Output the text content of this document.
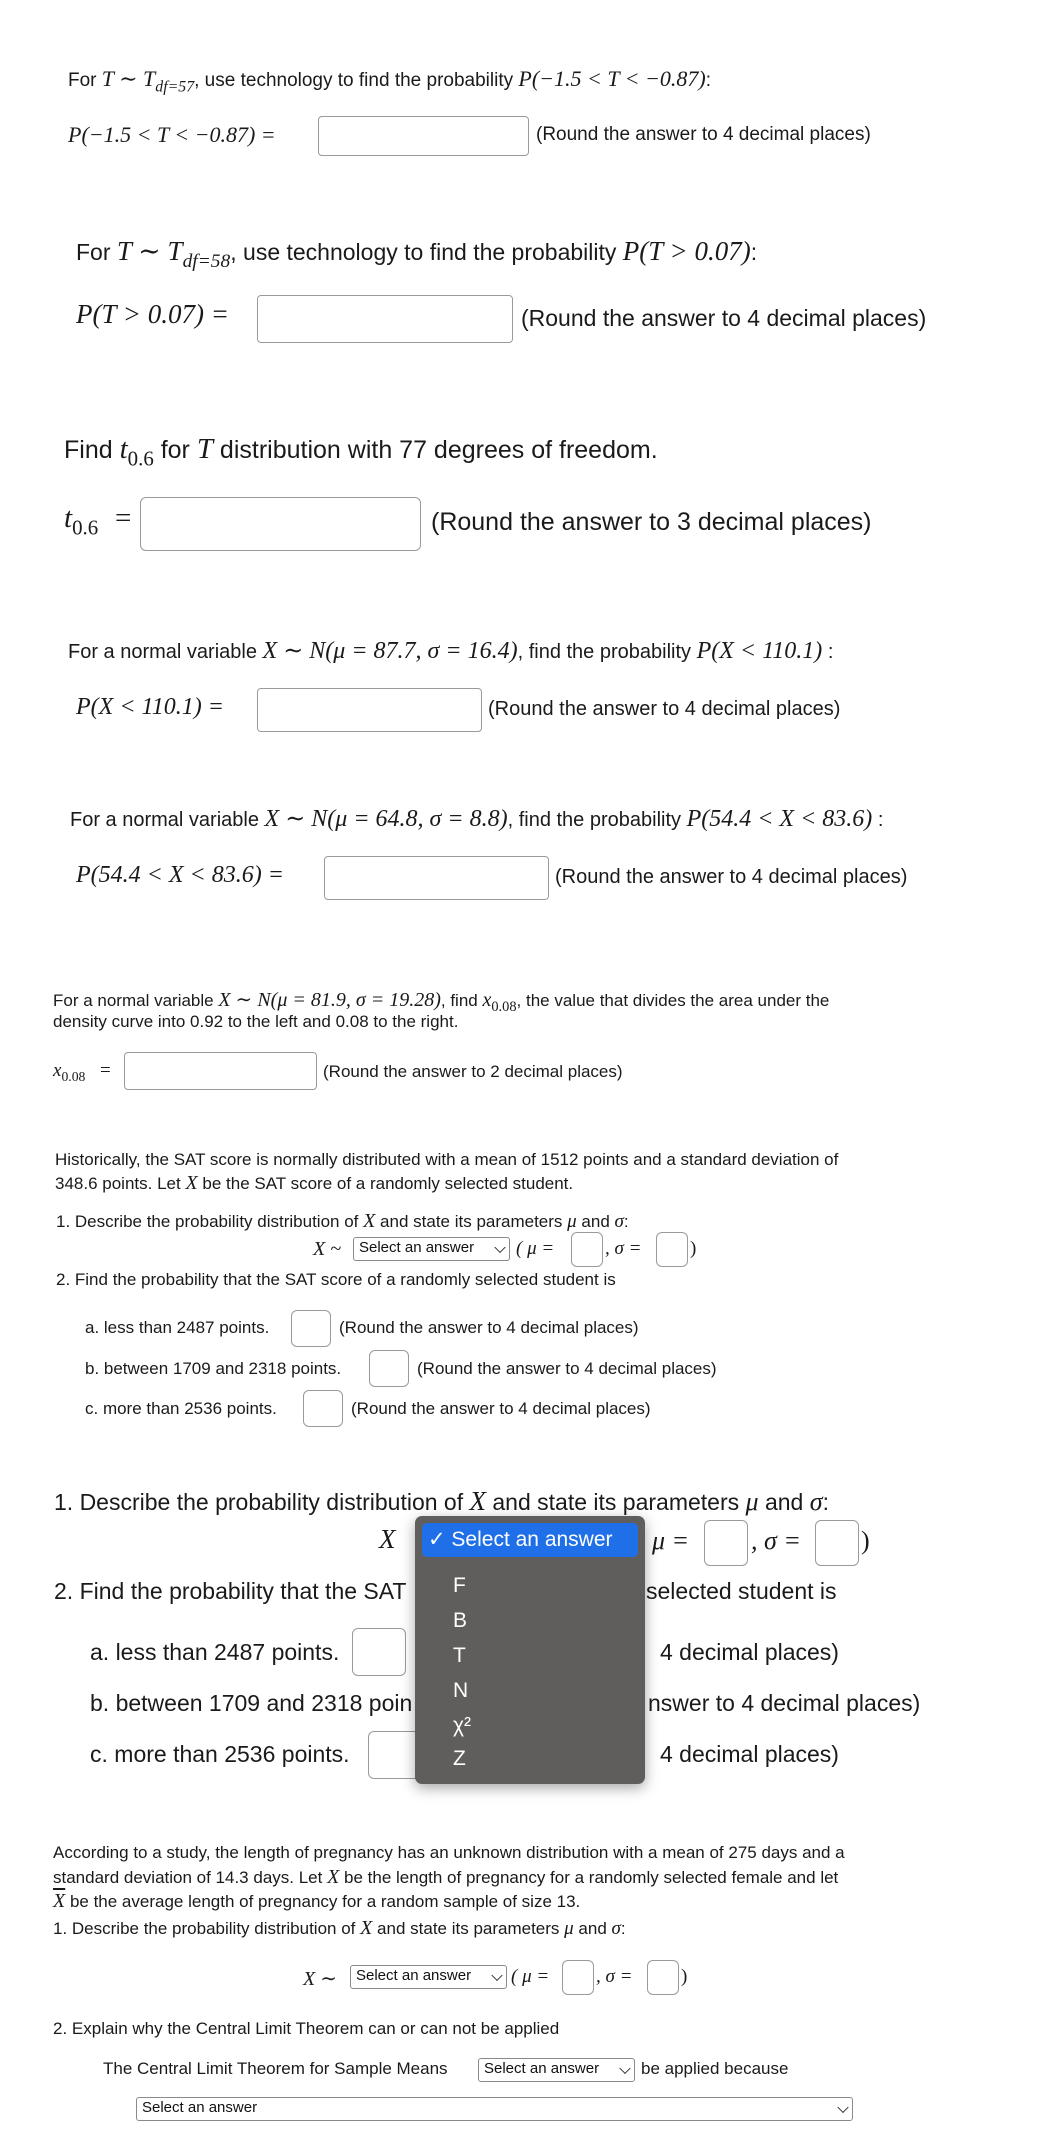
For T ∼ $T_{df=57}$, use technology to find the probability P(−1.5 < T < −0.87):
P(−1.5 < T < −0.87) =	(Round the answer to 4 decimal places)
For T ∼ $T_{df=58}$, use technology to find the probability P(T > 0.07):
P(T > 0.07) =	(Round the answer to 4 decimal places)
Find $t_{0.6}$ for T distribution with 77 degrees of freedom.
$t_{0.6}$ =	(Round the answer to 3 decimal places)
For a normal variable X ∼ N(μ = 87.7, σ = 16.4), find the probability P(X < 110.1) :
P(X < 110.1) =	(Round the answer to 4 decimal places)
For a normal variable X ∼ N(μ = 64.8, σ = 8.8), find the probability P(54.4 < X < 83.6) :
P(54.4 < X < 83.6) =	(Round the answer to 4 decimal places)
For a normal variable X ∼ N(μ = 81.9, σ = 19.28), find $x_{0.08}$, the value that divides the area under the
density curve into 0.92 to the left and 0.08 to the right.
$x_{0.08}$ =	(Round the answer to 2 decimal places)
Historically, the SAT score is normally distributed with a mean of 1512 points and a standard deviation of
348.6 points. Let X be the SAT score of a randomly selected student.
1. Describe the probability distribution of X and state its parameters μ and σ:
X ~	Select an answer	( μ =	, σ =	)
2. Find the probability that the SAT score of a randomly selected student is
a. less than 2487 points.	(Round the answer to 4 decimal places)
b. between 1709 and 2318 points.	(Round the answer to 4 decimal places)
c. more than 2536 points.	(Round the answer to 4 decimal places)
1. Describe the probability distribution of X and state its parameters μ and σ:
X	μ = , σ = )
2. Find the probability that the SAT	selected student is
a. less than 2487 points.	4 decimal places)
b. between 1709 and 2318 poin	nswer to 4 decimal places)
c. more than 2536 points.	4 decimal places)
✓ Select an answer
F
B
T
N
χ²
Z
According to a study, the length of pregnancy has an unknown distribution with a mean of 275 days and a
standard deviation of 14.3 days. Let X be the length of pregnancy for a randomly selected female and let
$\overline{X}$ be the average length of pregnancy for a random sample of size 13.
1. Describe the probability distribution of X and state its parameters μ and σ:
X ∼	Select an answer	( μ = , σ =	)
2. Explain why the Central Limit Theorem can or can not be applied
The Central Limit Theorem for Sample Means	Select an answer	be applied because
Select an answer
